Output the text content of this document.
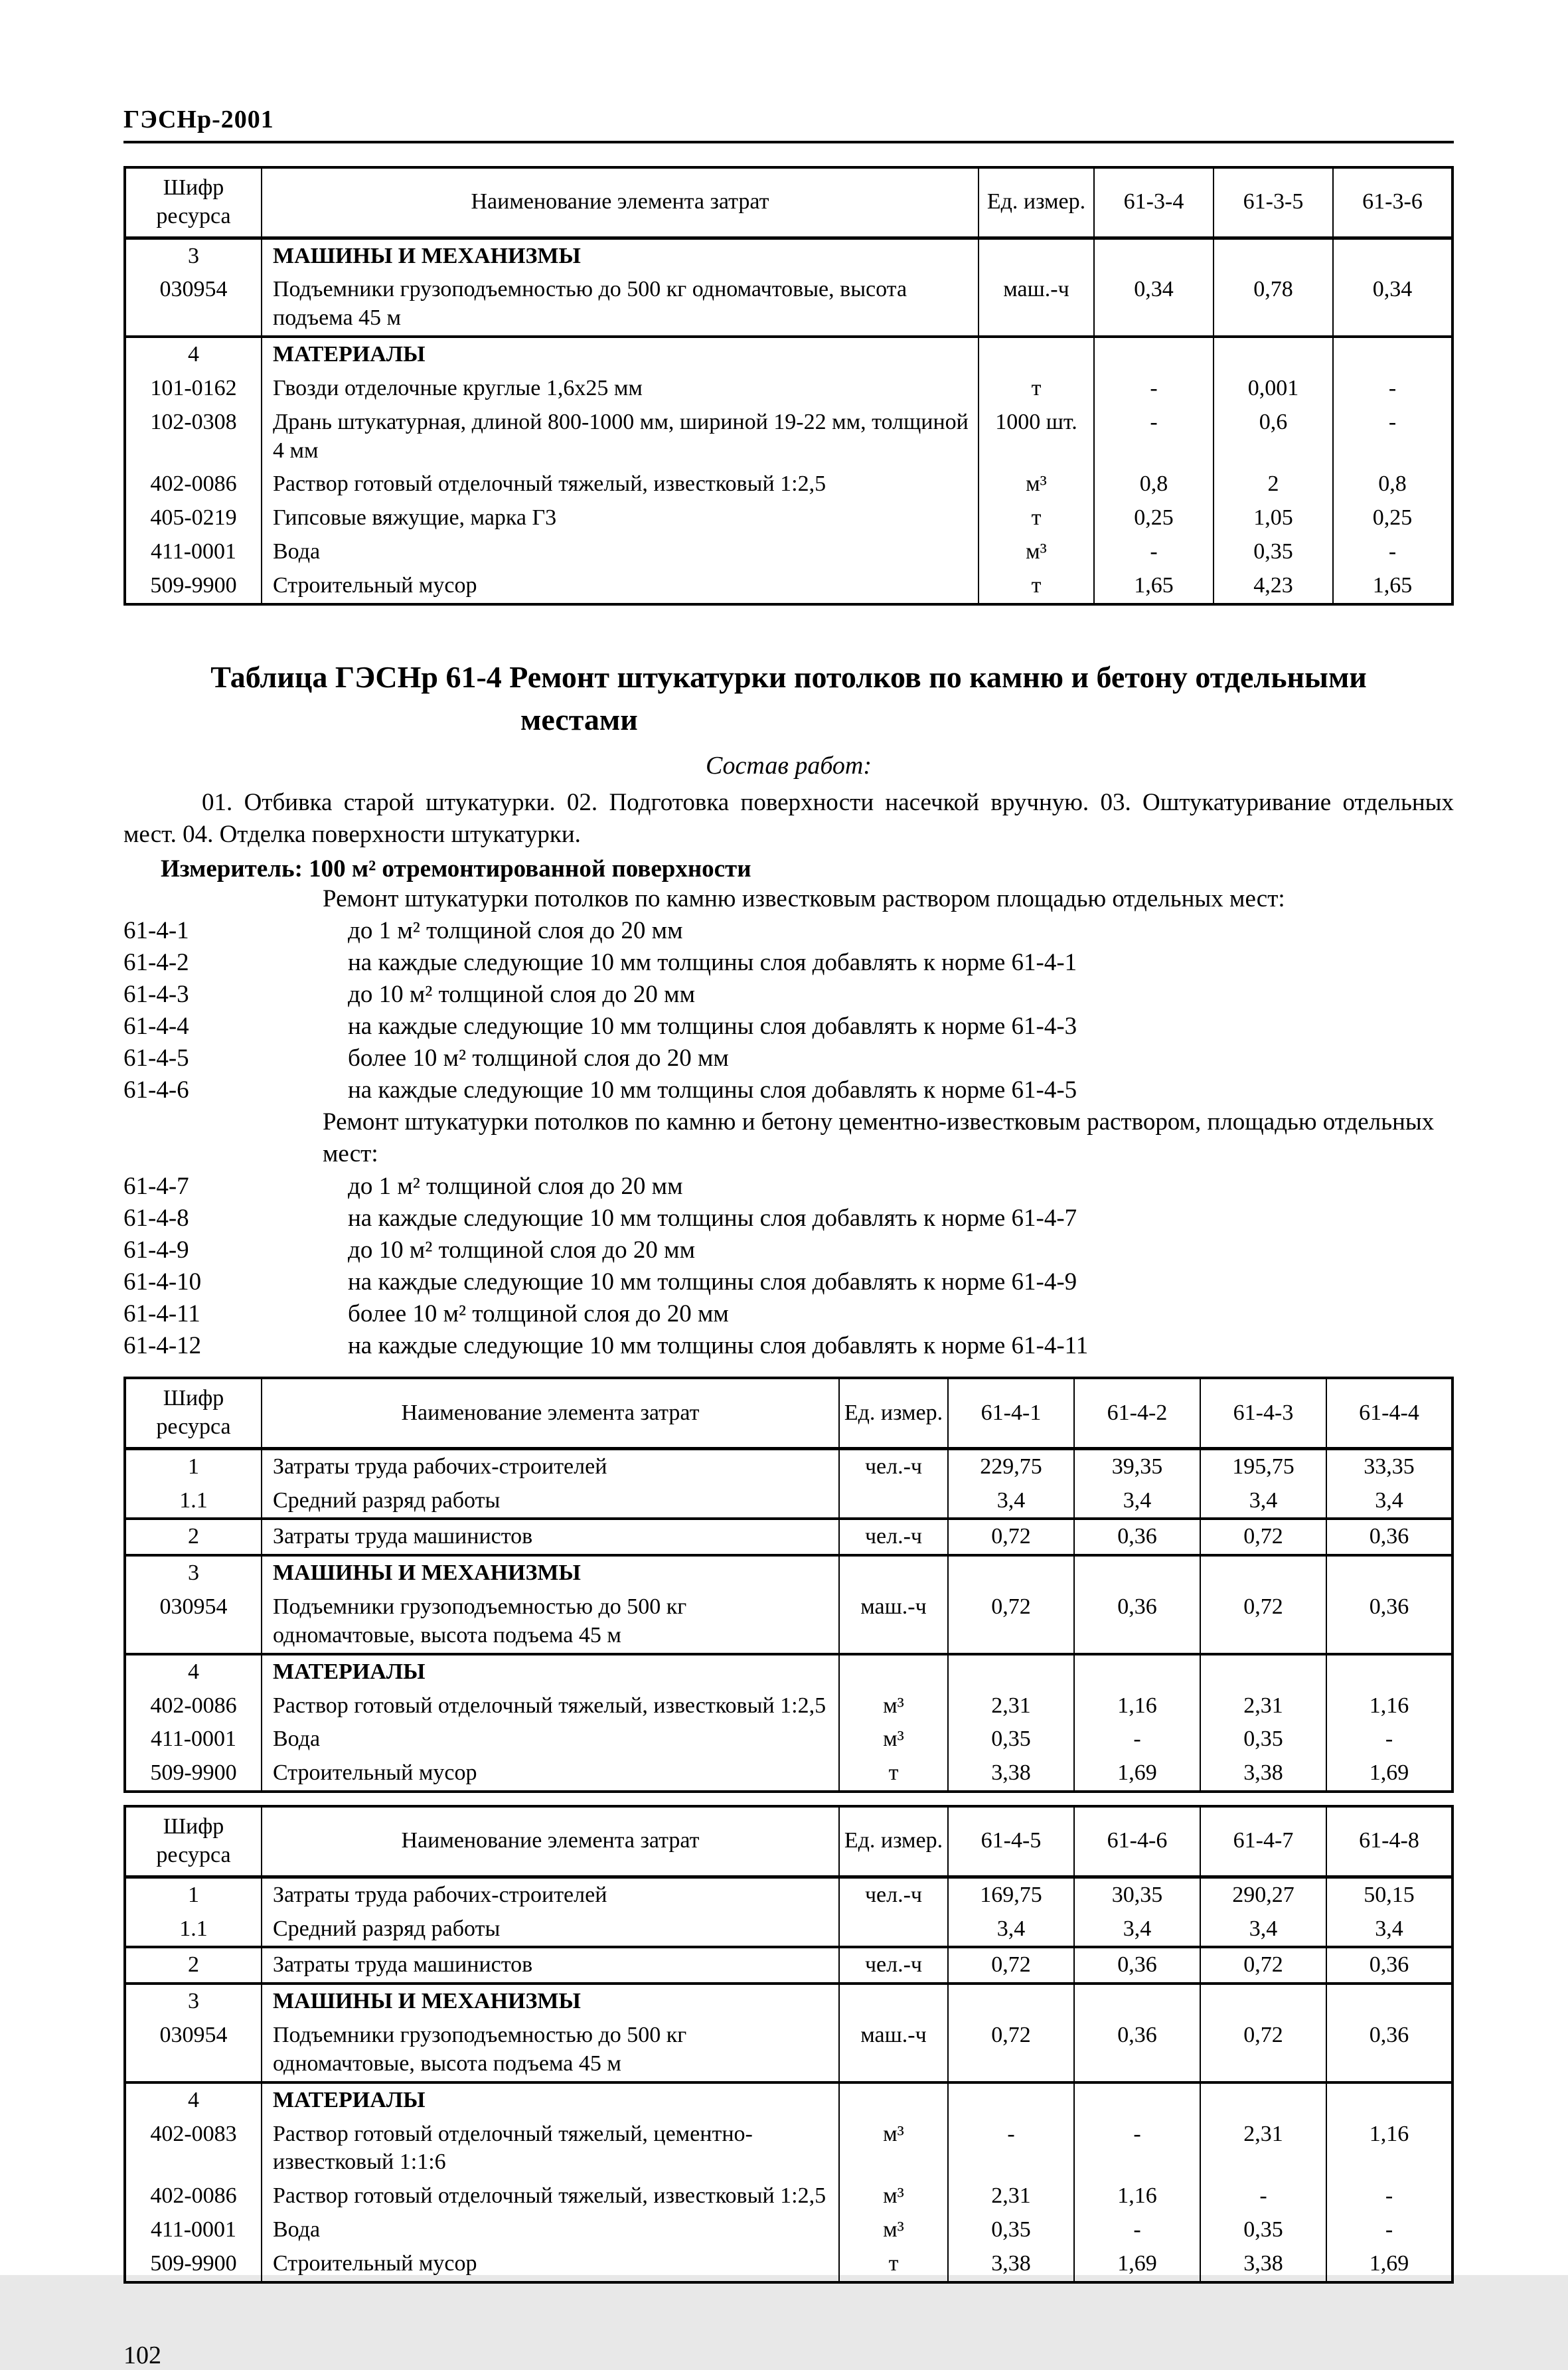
ГЭСНр-2001
Шифр ресурса	Наименование элемента затрат	Ед. измер.	61-3-4	61-3-5	61-3-6
3	МАШИНЫ И МЕХАНИЗМЫ				
030954	Подъемники грузоподъемностью до 500 кг одномачтовые, высота подъема 45 м	маш.-ч	0,34	0,78	0,34
4	МАТЕРИАЛЫ				
101-0162	Гвозди отделочные круглые 1,6х25 мм	т	-	0,001	-
102-0308	Дрань штукатурная, длиной 800-1000 мм, шириной 19-22 мм, толщиной 4 мм	1000 шт.	-	0,6	-
402-0086	Раствор готовый отделочный тяжелый, известковый 1:2,5	м³	0,8	2	0,8
405-0219	Гипсовые вяжущие, марка Г3	т	0,25	1,05	0,25
411-0001	Вода	м³	-	0,35	-
509-9900	Строительный мусор	т	1,65	4,23	1,65
Таблица ГЭСНр 61-4 Ремонт штукатурки потолков по камню и бетону отдельными
местами
Состав работ:
01. Отбивка старой штукатурки. 02. Подготовка поверхности насечкой вручную. 03. Оштукатуривание отдельных мест. 04. Отделка поверхности штукатурки.
Измеритель: 100 м² отремонтированной поверхности
Ремонт штукатурки потолков по камню известковым раствором площадью отдельных мест:
61-4-1	до 1 м² толщиной слоя до 20 мм
61-4-2	на каждые следующие 10 мм толщины слоя добавлять к норме 61-4-1
61-4-3	до 10 м² толщиной слоя до 20 мм
61-4-4	на каждые следующие 10 мм толщины слоя добавлять к норме 61-4-3
61-4-5	более 10 м² толщиной слоя до 20 мм
61-4-6	на каждые следующие 10 мм толщины слоя добавлять к норме 61-4-5
Ремонт штукатурки потолков по камню и бетону цементно-известковым раствором, площадью отдельных мест:
61-4-7	до 1 м² толщиной слоя до 20 мм
61-4-8	на каждые следующие 10 мм толщины слоя добавлять к норме 61-4-7
61-4-9	до 10 м² толщиной слоя до 20 мм
61-4-10	на каждые следующие 10 мм толщины слоя добавлять к норме 61-4-9
61-4-11	более 10 м² толщиной слоя до 20 мм
61-4-12	на каждые следующие 10 мм толщины слоя добавлять к норме 61-4-11
Шифр ресурса	Наименование элемента затрат	Ед. измер.	61-4-1	61-4-2	61-4-3	61-4-4
1	Затраты труда рабочих-строителей	чел.-ч	229,75	39,35	195,75	33,35
1.1	Средний разряд работы		3,4	3,4	3,4	3,4
2	Затраты труда машинистов	чел.-ч	0,72	0,36	0,72	0,36
3	МАШИНЫ И МЕХАНИЗМЫ					
030954	Подъемники грузоподъемностью до 500 кг одномачтовые, высота подъема 45 м	маш.-ч	0,72	0,36	0,72	0,36
4	МАТЕРИАЛЫ					
402-0086	Раствор готовый отделочный тяжелый, известковый 1:2,5	м³	2,31	1,16	2,31	1,16
411-0001	Вода	м³	0,35	-	0,35	-
509-9900	Строительный мусор	т	3,38	1,69	3,38	1,69
Шифр ресурса	Наименование элемента затрат	Ед. измер.	61-4-5	61-4-6	61-4-7	61-4-8
1	Затраты труда рабочих-строителей	чел.-ч	169,75	30,35	290,27	50,15
1.1	Средний разряд работы		3,4	3,4	3,4	3,4
2	Затраты труда машинистов	чел.-ч	0,72	0,36	0,72	0,36
3	МАШИНЫ И МЕХАНИЗМЫ					
030954	Подъемники грузоподъемностью до 500 кг одномачтовые, высота подъема 45 м	маш.-ч	0,72	0,36	0,72	0,36
4	МАТЕРИАЛЫ					
402-0083	Раствор готовый отделочный тяжелый, цементно-известковый 1:1:6	м³	-	-	2,31	1,16
402-0086	Раствор готовый отделочный тяжелый, известковый 1:2,5	м³	2,31	1,16	-	-
411-0001	Вода	м³	0,35	-	0,35	-
509-9900	Строительный мусор	т	3,38	1,69	3,38	1,69
102
